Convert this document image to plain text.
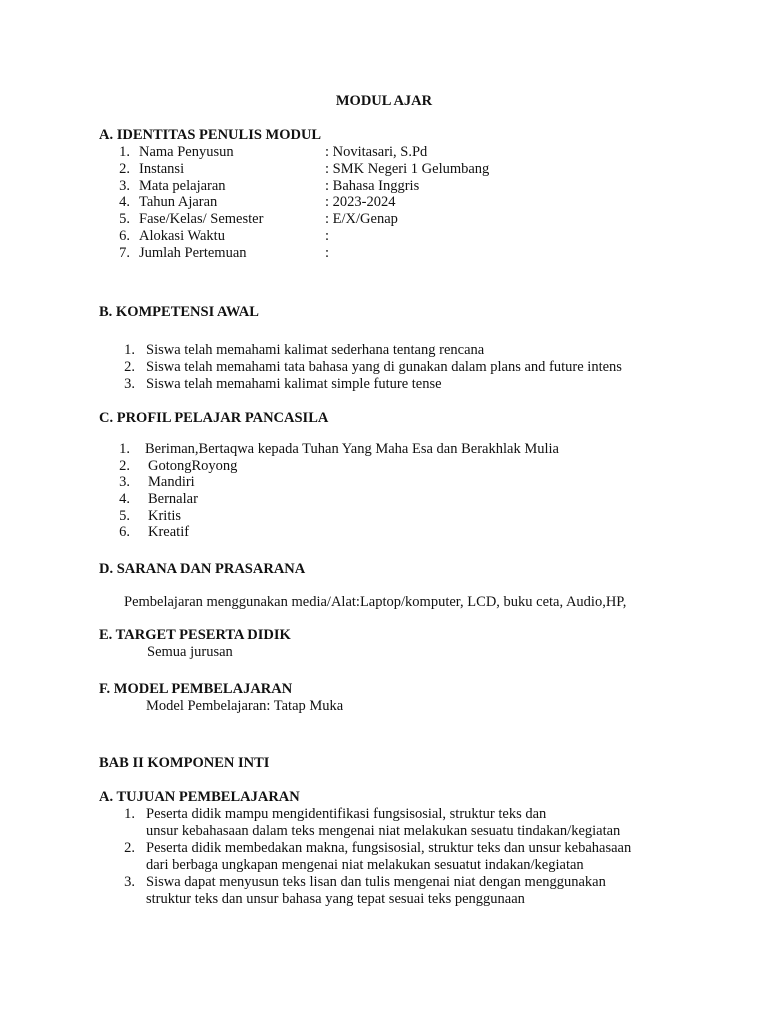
MODUL AJAR
A. IDENTITAS PENULIS MODUL
1. Nama Penyusun	: Novitasari, S.Pd
2. Instansi	: SMK Negeri 1 Gelumbang
3. Mata pelajaran	: Bahasa Inggris
4. Tahun Ajaran	: 2023-2024
5. Fase/Kelas/ Semester	: E/X/Genap
6. Alokasi Waktu	:
7. Jumlah Pertemuan	:
B. KOMPETENSI AWAL
1. Siswa telah memahami kalimat sederhana tentang rencana
2. Siswa telah memahami tata bahasa yang di gunakan dalam plans and future intens
3. Siswa telah memahami kalimat simple future tense
C. PROFIL PELAJAR PANCASILA
1. Beriman,Bertaqwa kepada Tuhan Yang Maha Esa dan Berakhlak Mulia
2. GotongRoyong
3. Mandiri
4. Bernalar
5. Kritis
6. Kreatif
D. SARANA DAN PRASARANA
Pembelajaran menggunakan media/Alat:Laptop/komputer, LCD, buku ceta, Audio,HP,
E. TARGET PESERTA DIDIK
Semua jurusan
F. MODEL PEMBELAJARAN
Model Pembelajaran: Tatap Muka
BAB II KOMPONEN INTI
A. TUJUAN PEMBELAJARAN
1. Peserta didik mampu mengidentifikasi fungsisosial, struktur teks dan
unsur kebahasaan dalam teks mengenai niat melakukan sesuatu tindakan/kegiatan
2. Peserta didik membedakan makna, fungsisosial, struktur teks dan unsur kebahasaan
dari berbaga ungkapan mengenai niat melakukan sesuatut indakan/kegiatan
3. Siswa dapat menyusun teks lisan dan tulis mengenai niat dengan menggunakan
struktur teks dan unsur bahasa yang tepat sesuai teks penggunaan
